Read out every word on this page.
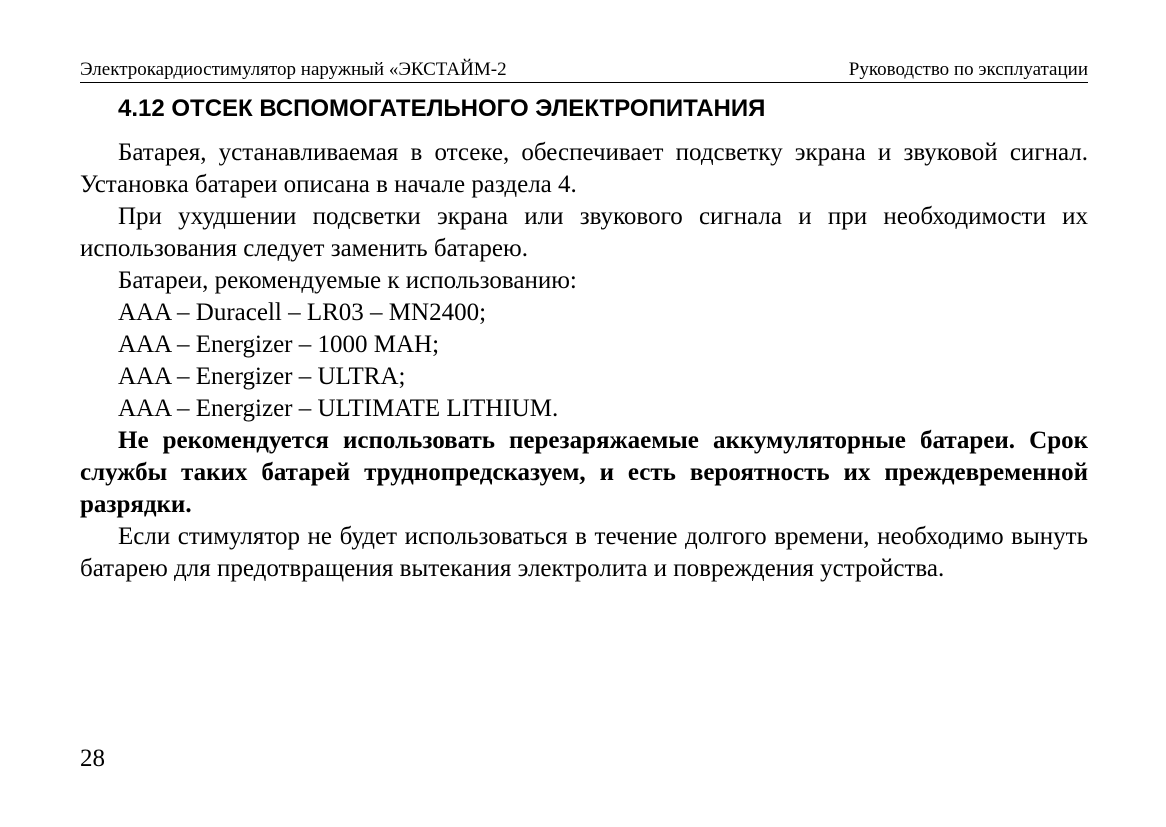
Электрокардиостимулятор наружный «ЭКСТАЙМ-2	Руководство по эксплуатации
4.12 ОТСЕК ВСПОМОГАТЕЛЬНОГО ЭЛЕКТРОПИТАНИЯ

Батарея, устанавливаемая в отсеке, обеспечивает подсветку экрана и звуковой сигнал. Установка батареи описана в начале раздела 4.

При ухудшении подсветки экрана или звукового сигнала и при необходимости их использования следует заменить батарею.

Батареи, рекомендуемые к использованию:

AAA – Duracell – LR03 – MN2400;

AAA – Energizer – 1000 MAH;

AAA – Energizer – ULTRA;

AAA – Energizer – ULTIMATE LITHIUM.

Не рекомендуется использовать перезаряжаемые аккумуляторные батареи. Срок службы таких батарей труднопредсказуем, и есть вероятность их преждевременной разрядки.

Если стимулятор не будет использоваться в течение долгого времени, необходимо вынуть батарею для предотвращения вытекания электролита и повреждения устройства.

28
